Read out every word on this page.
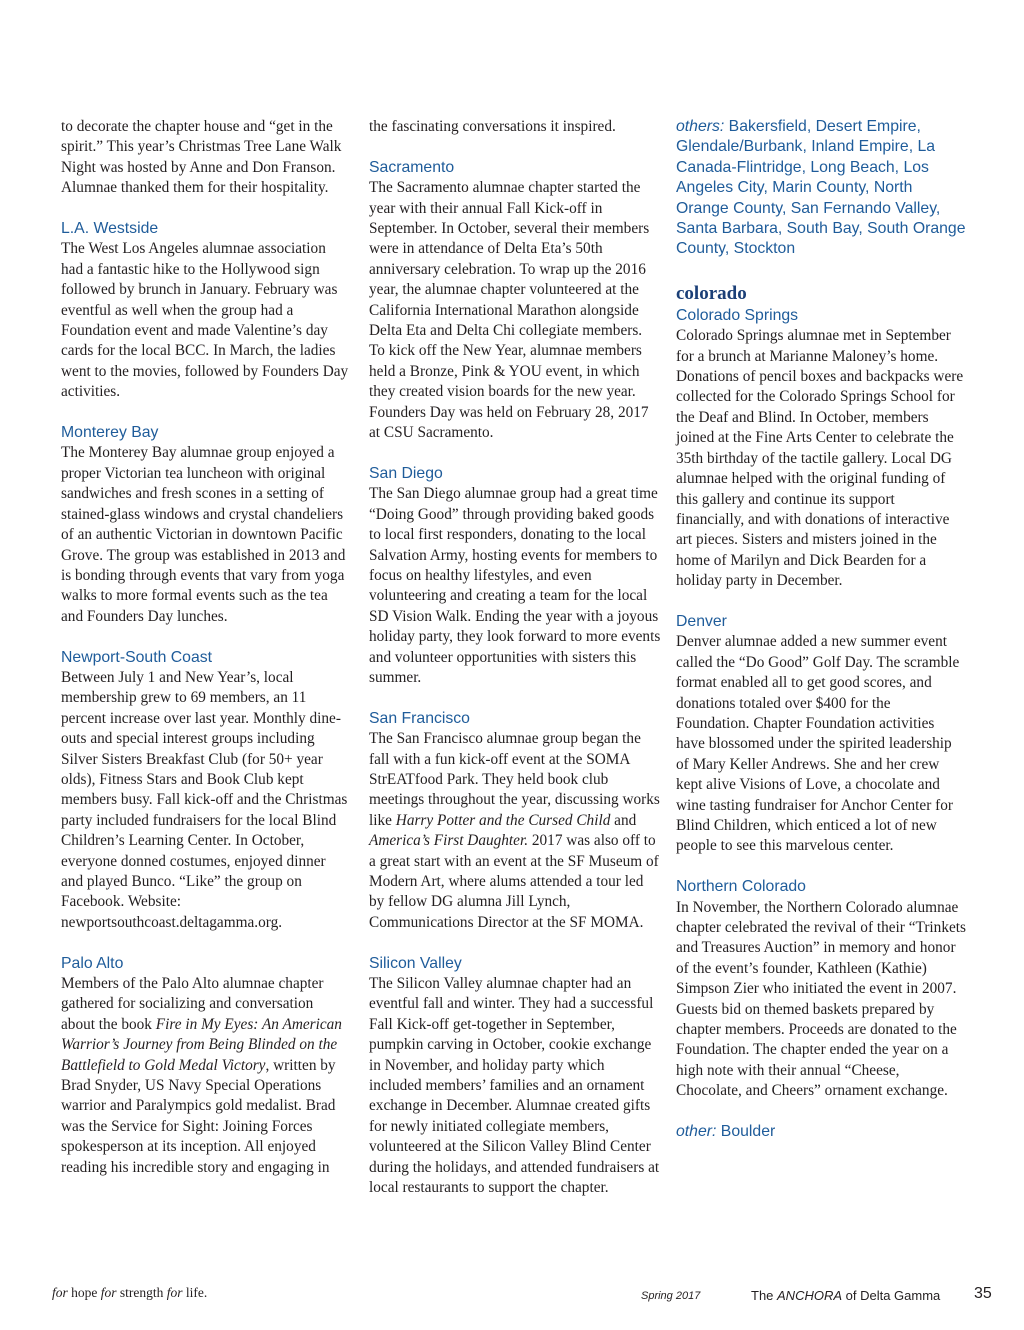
to decorate the chapter house and “get in the spirit.” This year’s Christmas Tree Lane Walk Night was hosted by Anne and Don Franson. Alumnae thanked them for their hospitality.

L.A. Westside

The West Los Angeles alumnae association had a fantastic hike to the Hollywood sign followed by brunch in January. February was eventful as well when the group had a Foundation event and made Valentine’s day cards for the local BCC. In March, the ladies went to the movies, followed by Founders Day activities.

Monterey Bay

The Monterey Bay alumnae group enjoyed a proper Victorian tea luncheon with original sandwiches and fresh scones in a setting of stained-glass windows and crystal chandeliers of an authentic Victorian in downtown Pacific Grove. The group was established in 2013 and is bonding through events that vary from yoga walks to more formal events such as the tea and Founders Day lunches.

Newport-South Coast

Between July 1 and New Year’s, local membership grew to 69 members, an 11 percent increase over last year. Monthly dine-outs and special interest groups including Silver Sisters Breakfast Club (for 50+ year olds), Fitness Stars and Book Club kept members busy. Fall kick-off and the Christmas party included fundraisers for the local Blind Children’s Learning Center. In October, everyone donned costumes, enjoyed dinner and played Bunco. “Like” the group on Facebook. Website: newportsouthcoast.deltagamma.org.

Palo Alto

Members of the Palo Alto alumnae chapter gathered for socializing and conversation about the book Fire in My Eyes: An American Warrior’s Journey from Being Blinded on the Battlefield to Gold Medal Victory, written by Brad Snyder, US Navy Special Operations warrior and Paralympics gold medalist. Brad was the Service for Sight: Joining Forces spokesperson at its inception. All enjoyed reading his incredible story and engaging in

the fascinating conversations it inspired.

Sacramento

The Sacramento alumnae chapter started the year with their annual Fall Kick-off in September. In October, several their members were in attendance of Delta Eta’s 50th anniversary celebration. To wrap up the 2016 year, the alumnae chapter volunteered at the California International Marathon alongside Delta Eta and Delta Chi collegiate members. To kick off the New Year, alumnae members held a Bronze, Pink & YOU event, in which they created vision boards for the new year. Founders Day was held on February 28, 2017 at CSU Sacramento.

San Diego

The San Diego alumnae group had a great time “Doing Good” through providing baked goods to local first responders, donating to the local Salvation Army, hosting events for members to focus on healthy lifestyles, and even volunteering and creating a team for the local SD Vision Walk. Ending the year with a joyous holiday party, they look forward to more events and volunteer opportunities with sisters this summer.

San Francisco

The San Francisco alumnae group began the fall with a fun kick-off event at the SOMA StrEATfood Park. They held book club meetings throughout the year, discussing works like Harry Potter and the Cursed Child and America’s First Daughter. 2017 was also off to a great start with an event at the SF Museum of Modern Art, where alums attended a tour led by fellow DG alumna Jill Lynch, Communications Director at the SF MOMA.

Silicon Valley

The Silicon Valley alumnae chapter had an eventful fall and winter. They had a successful Fall Kick-off get-together in September, pumpkin carving in October, cookie exchange in November, and holiday party which included members’ families and an ornament exchange in December. Alumnae created gifts for newly initiated collegiate members, volunteered at the Silicon Valley Blind Center during the holidays, and attended fundraisers at local restaurants to support the chapter.

others: Bakersfield, Desert Empire, Glendale/Burbank, Inland Empire, La Canada-Flintridge, Long Beach, Los Angeles City, Marin County, North Orange County, San Fernando Valley, Santa Barbara, South Bay, South Orange County, Stockton

colorado

Colorado Springs

Colorado Springs alumnae met in September for a brunch at Marianne Maloney’s home. Donations of pencil boxes and backpacks were collected for the Colorado Springs School for the Deaf and Blind. In October, members joined at the Fine Arts Center to celebrate the 35th birthday of the tactile gallery. Local DG alumnae helped with the original funding of this gallery and continue its support financially, and with donations of interactive art pieces. Sisters and misters joined in the home of Marilyn and Dick Bearden for a holiday party in December.

Denver

Denver alumnae added a new summer event called the “Do Good” Golf Day. The scramble format enabled all to get good scores, and donations totaled over $400 for the Foundation. Chapter Foundation activities have blossomed under the spirited leadership of Mary Keller Andrews. She and her crew kept alive Visions of Love, a chocolate and wine tasting fundraiser for Anchor Center for Blind Children, which enticed a lot of new people to see this marvelous center.

Northern Colorado

In November, the Northern Colorado alumnae chapter celebrated the revival of their “Trinkets and Treasures Auction” in memory and honor of the event’s founder, Kathleen (Kathie) Simpson Zier who initiated the event in 2007. Guests bid on themed baskets prepared by chapter members. Proceeds are donated to the Foundation. The chapter ended the year on a high note with their annual “Cheese, Chocolate, and Cheers” ornament exchange.

other: Boulder

for hope for strength for life.	Spring 2017	The ANCHORA of Delta Gamma 35
